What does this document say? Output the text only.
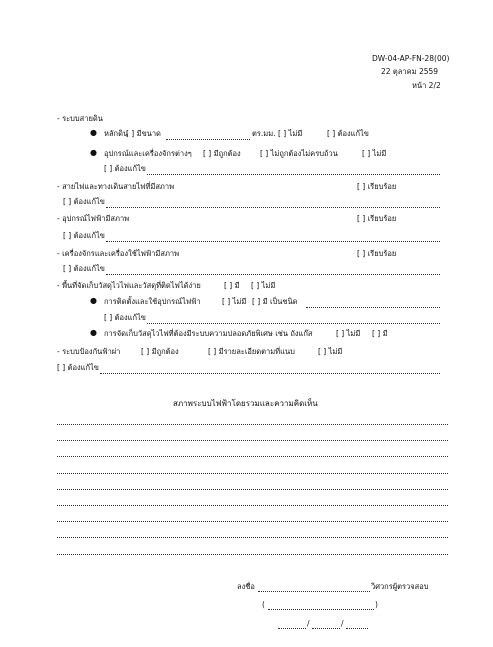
DW-04-AP-FN-28(00)
22 ตุลาคม 2559
หน้า 2/2
- ระบบสายดิน
● หลักดิน
[ ] มีขนาด	ตร.มม. [ ] ไม่มี	[ ] ต้องแก้ไข
● อุปกรณ์และเครื่องจักรต่างๆ [ ] มีถูกต้อง	[ ] ไม่ถูกต้องไม่ครบถ้วน	[ ] ไม่มี
[ ] ต้องแก้ไข
- สายไฟและทางเดินสายไฟที่มีสภาพ	[ ] เรียบร้อย
[ ] ต้องแก้ไข
- อุปกรณ์ไฟฟ้ามีสภาพ	[ ] เรียบร้อย
[ ] ต้องแก้ไข
- เครื่องจักรและเครื่องใช้ไฟฟ้ามีสภาพ	[ ] เรียบร้อย
[ ] ต้องแก้ไข
- พื้นที่จัดเก็บวัสดุไวไฟและวัสดุที่ติดไฟได้ง่าย	[ ] มี [ ] ไม่มี
● การติดตั้งและใช้อุปกรณ์ไฟฟ้า	[ ] ไม่มี [ ] มี เป็นชนิด
[ ] ต้องแก้ไข
● การจัดเก็บวัสดุไวไฟที่ต้องมีระบบความปลอดภัยพิเศษ เช่น ถังแก๊ส	[ ] ไม่มี [ ] มี
- ระบบป้องกันฟ้าผ่า	[ ] มีถูกต้อง	[ ] มีรายละเอียดตามที่แนบ	[ ] ไม่มี
[ ] ต้องแก้ไข
สภาพระบบไฟฟ้าโดยรวมและความคิดเห็น
ลงชื่อ	วิศวกรผู้ตรวจสอบ
(	)
/	/
